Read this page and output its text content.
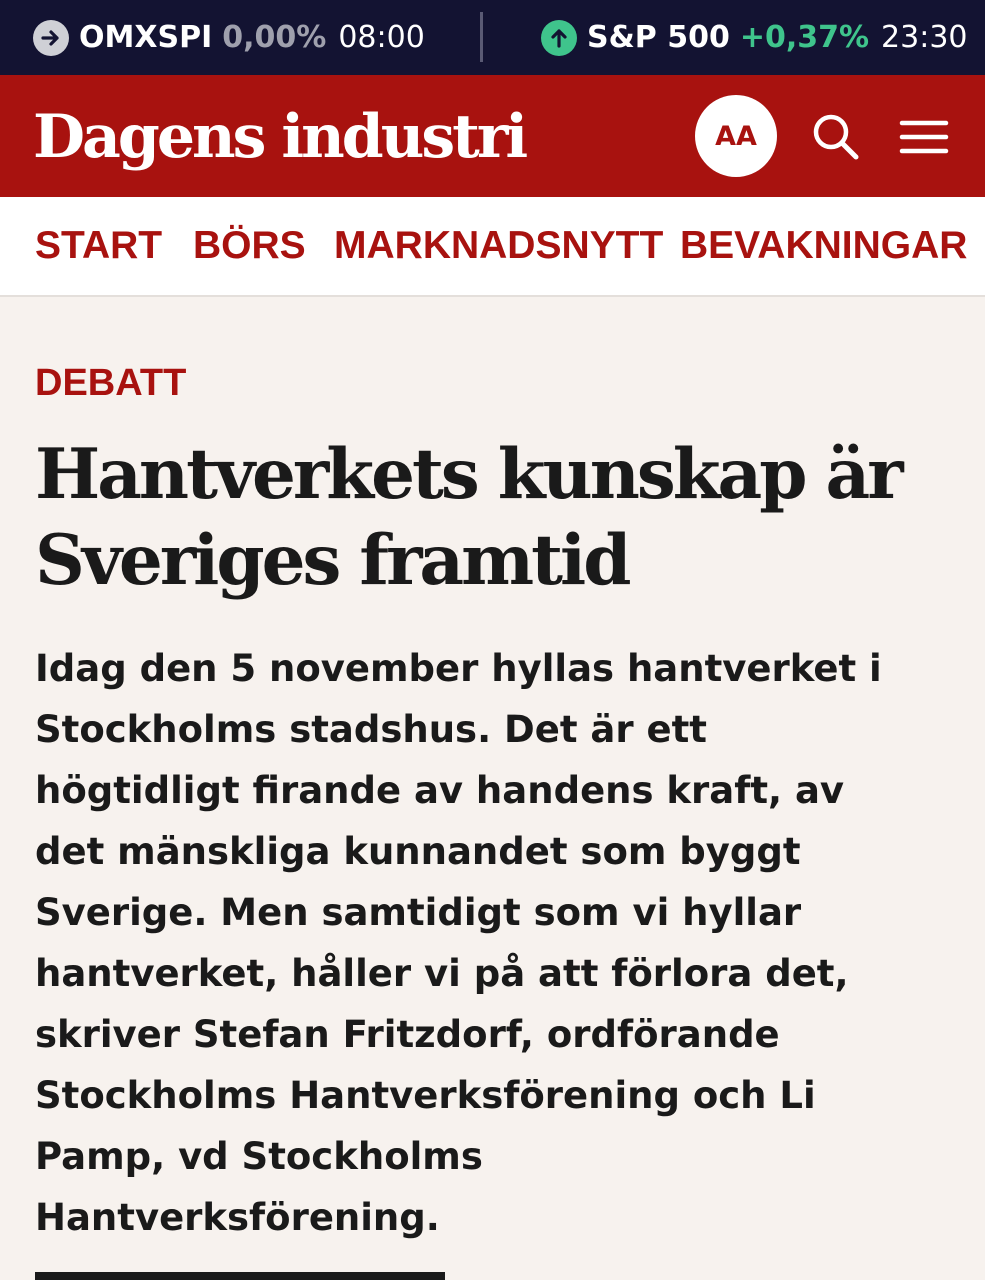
OMXSPI 0,00% 08:00	S&P 500 +0,37% 23:30
Dagens industri	AA
START BÖRS MARKNADSNYTT BEVAKNINGAR
DEBATT
Hantverkets kunskap är
Sveriges framtid

Idag den 5 november hyllas hantverket i
Stockholms stadshus. Det är ett
högtidligt firande av handens kraft, av
det mänskliga kunnandet som byggt
Sverige. Men samtidigt som vi hyllar
hantverket, håller vi på att förlora det,
skriver Stefan Fritzdorf, ordförande
Stockholms Hantverksförening och Li
Pamp, vd Stockholms
Hantverksförening.
